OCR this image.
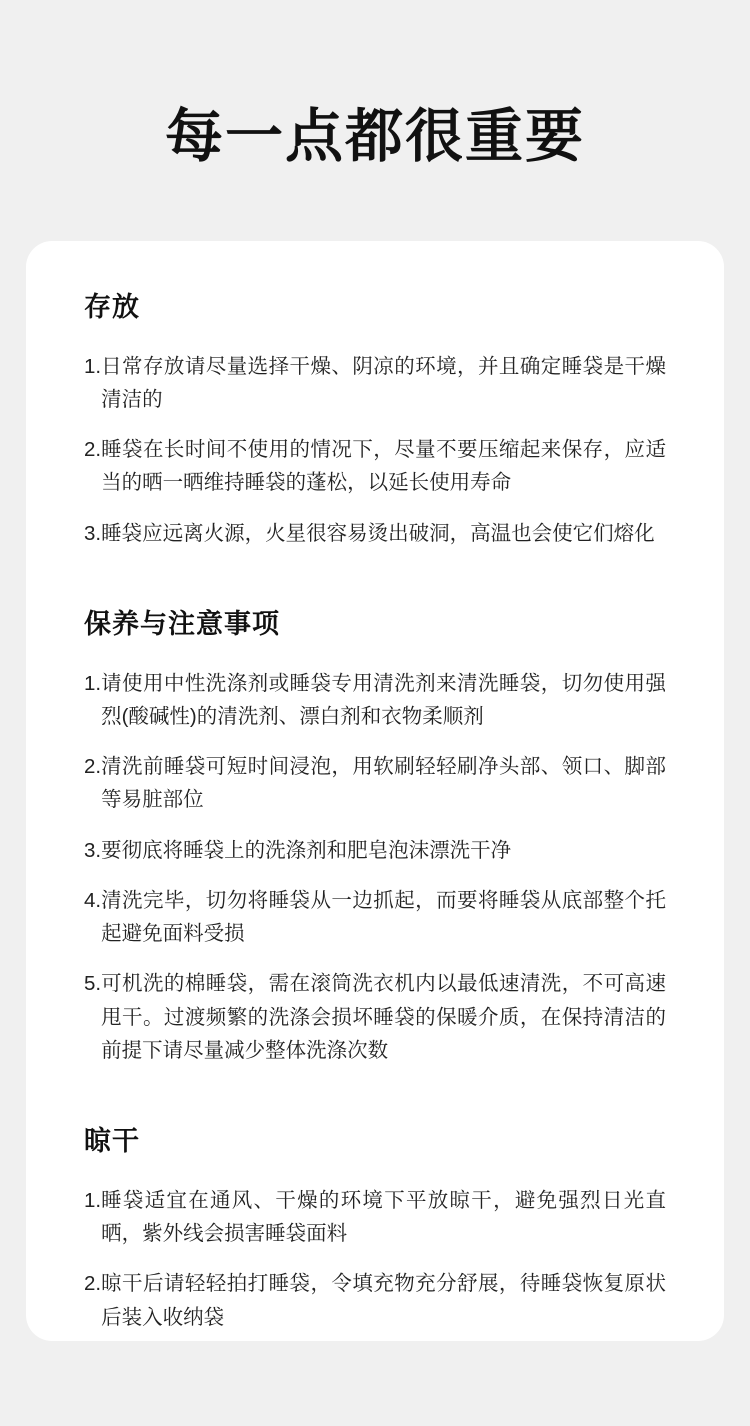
每一点都很重要
存放
1. 日常存放请尽量选择干燥、阴凉的环境，并且确定睡袋是干燥清洁的
2. 睡袋在长时间不使用的情况下，尽量不要压缩起来保存，应适当的晒一晒维持睡袋的蓬松，以延长使用寿命
3. 睡袋应远离火源，火星很容易烫出破洞，高温也会使它们熔化
保养与注意事项
1. 请使用中性洗涤剂或睡袋专用清洗剂来清洗睡袋，切勿使用强烈(酸碱性)的清洗剂、漂白剂和衣物柔顺剂
2. 清洗前睡袋可短时间浸泡，用软刷轻轻刷净头部、领口、脚部等易脏部位
3. 要彻底将睡袋上的洗涤剂和肥皂泡沫漂洗干净
4. 清洗完毕，切勿将睡袋从一边抓起，而要将睡袋从底部整个托起避免面料受损
5. 可机洗的棉睡袋，需在滚筒洗衣机内以最低速清洗，不可高速甩干。过渡频繁的洗涤会损坏睡袋的保暖介质，在保持清洁的前提下请尽量减少整体洗涤次数
晾干
1. 睡袋适宜在通风、干燥的环境下平放晾干，避免强烈日光直晒，紫外线会损害睡袋面料
2. 晾干后请轻轻拍打睡袋，令填充物充分舒展，待睡袋恢复原状后装入收纳袋
